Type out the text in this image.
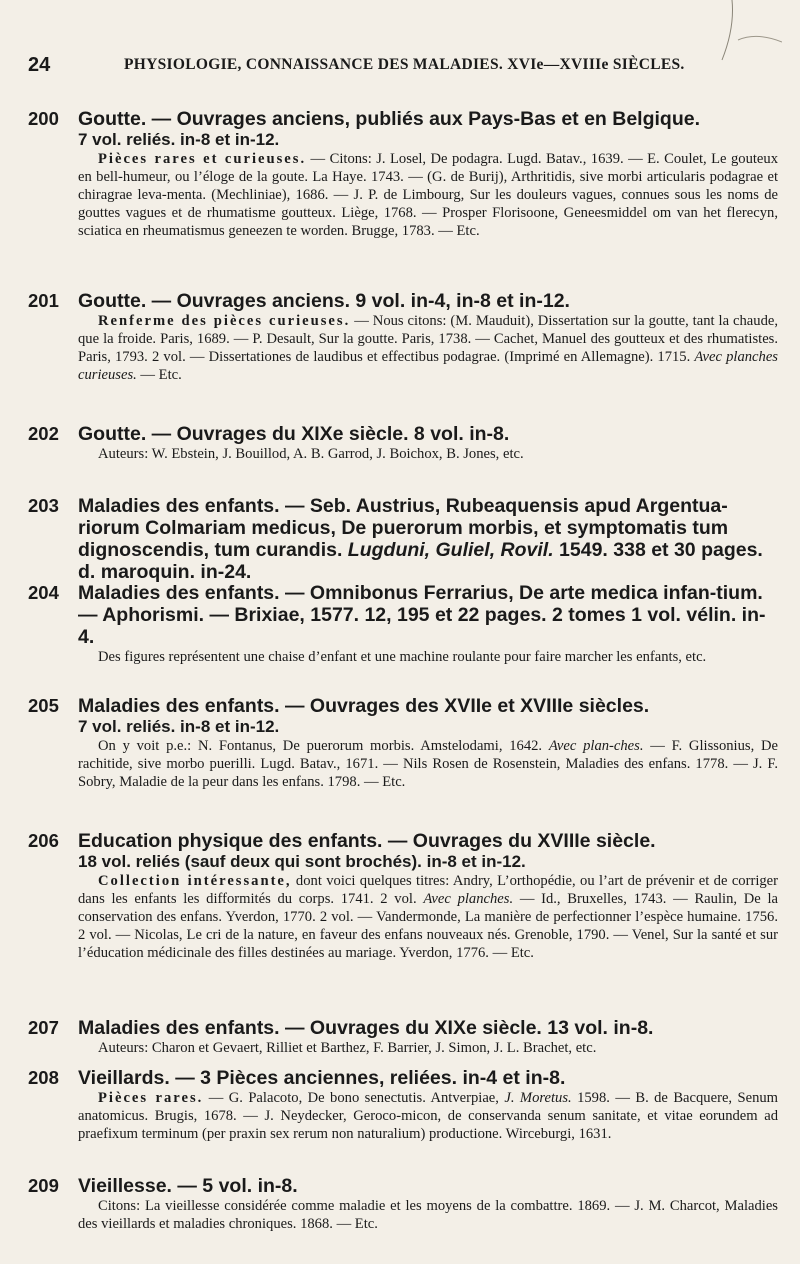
24	PHYSIOLOGIE, CONNAISSANCE DES MALADIES. XVIe—XVIIIe SIÈCLES.
200 Goutte. — Ouvrages anciens, publiés aux Pays-Bas et en Belgique.

7 vol. reliés. in-8 et in-12.

Pièces rares et curieuses. — Citons: J. Losel, De podagra. Lugd. Batav., 1639. — E. Coulet, Le gouteux en bell-humeur, ou l’éloge de la goute. La Haye. 1743. — (G. de Burij), Arthritidis, sive morbi articularis podagrae et chiragrae leva-menta. (Mechliniae), 1686. — J. P. de Limbourg, Sur les douleurs vagues, connues sous les noms de gouttes vagues et de rhumatisme goutteux. Liège, 1768. — Prosper Florisoone, Geneesmiddel om van het flerecyn, sciatica en rheumatismus geneezen te worden. Brugge, 1783. — Etc.

201 Goutte. — Ouvrages anciens. 9 vol. in-4, in-8 et in-12.

Renferme des pièces curieuses. — Nous citons: (M. Mauduit), Dissertation sur la goutte, tant la chaude, que la froide. Paris, 1689. — P. Desault, Sur la goutte. Paris, 1738. — Cachet, Manuel des goutteux et des rhumatistes. Paris, 1793. 2 vol. — Dissertationes de laudibus et effectibus podagrae. (Imprimé en Allemagne). 1715. Avec planches curieuses. — Etc.

202 Goutte. — Ouvrages du XIXe siècle. 8 vol. in-8.

Auteurs: W. Ebstein, J. Bouillod, A. B. Garrod, J. Boichox, B. Jones, etc.

203 Maladies des enfants. — Seb. Austrius, Rubeaquensis apud Argentua-riorum Colmariam medicus, De puerorum morbis, et symptomatis tum dignoscendis, tum curandis. Lugduni, Guliel, Rovil. 1549. 338 et 30 pages. d. maroquin. in-24.

204 Maladies des enfants. — Omnibonus Ferrarius, De arte medica infan-tium. — Aphorismi. — Brixiae, 1577. 12, 195 et 22 pages. 2 tomes 1 vol. vélin. in-4.

Des figures représentent une chaise d’enfant et une machine roulante pour faire marcher les enfants, etc.

205 Maladies des enfants. — Ouvrages des XVIIe et XVIIIe siècles.

7 vol. reliés. in-8 et in-12.

On y voit p.e.: N. Fontanus, De puerorum morbis. Amstelodami, 1642. Avec plan-ches. — F. Glissonius, De rachitide, sive morbo puerilli. Lugd. Batav., 1671. — Nils Rosen de Rosenstein, Maladies des enfans. 1778. — J. F. Sobry, Maladie de la peur dans les enfans. 1798. — Etc.

206 Education physique des enfants. — Ouvrages du XVIIIe siècle.

18 vol. reliés (sauf deux qui sont brochés). in-8 et in-12.

Collection intéressante, dont voici quelques titres: Andry, L’orthopédie, ou l’art de prévenir et de corriger dans les enfants les difformités du corps. 1741. 2 vol. Avec planches. — Id., Bruxelles, 1743. — Raulin, De la conservation des enfans. Yverdon, 1770. 2 vol. — Vandermonde, La manière de perfectionner l’espèce humaine. 1756. 2 vol. — Nicolas, Le cri de la nature, en faveur des enfans nouveaux nés. Grenoble, 1790. — Venel, Sur la santé et sur l’éducation médicinale des filles destinées au mariage. Yverdon, 1776. — Etc.

207 Maladies des enfants. — Ouvrages du XIXe siècle. 13 vol. in-8.

Auteurs: Charon et Gevaert, Rilliet et Barthez, F. Barrier, J. Simon, J. L. Brachet, etc.

208 Vieillards. — 3 Pièces anciennes, reliées. in-4 et in-8.

Pièces rares. — G. Palacoto, De bono senectutis. Antverpiae, J. Moretus. 1598. — B. de Bacquere, Senum anatomicus. Brugis, 1678. — J. Neydecker, Geroco-micon, de conservanda senum sanitate, et vitae eorundem ad praefixum terminum (per praxin sex rerum non naturalium) productione. Wirceburgi, 1631.

209 Vieillesse. — 5 vol. in-8.

Citons: La vieillesse considérée comme maladie et les moyens de la combattre. 1869. — J. M. Charcot, Maladies des vieillards et maladies chroniques. 1868. — Etc.
